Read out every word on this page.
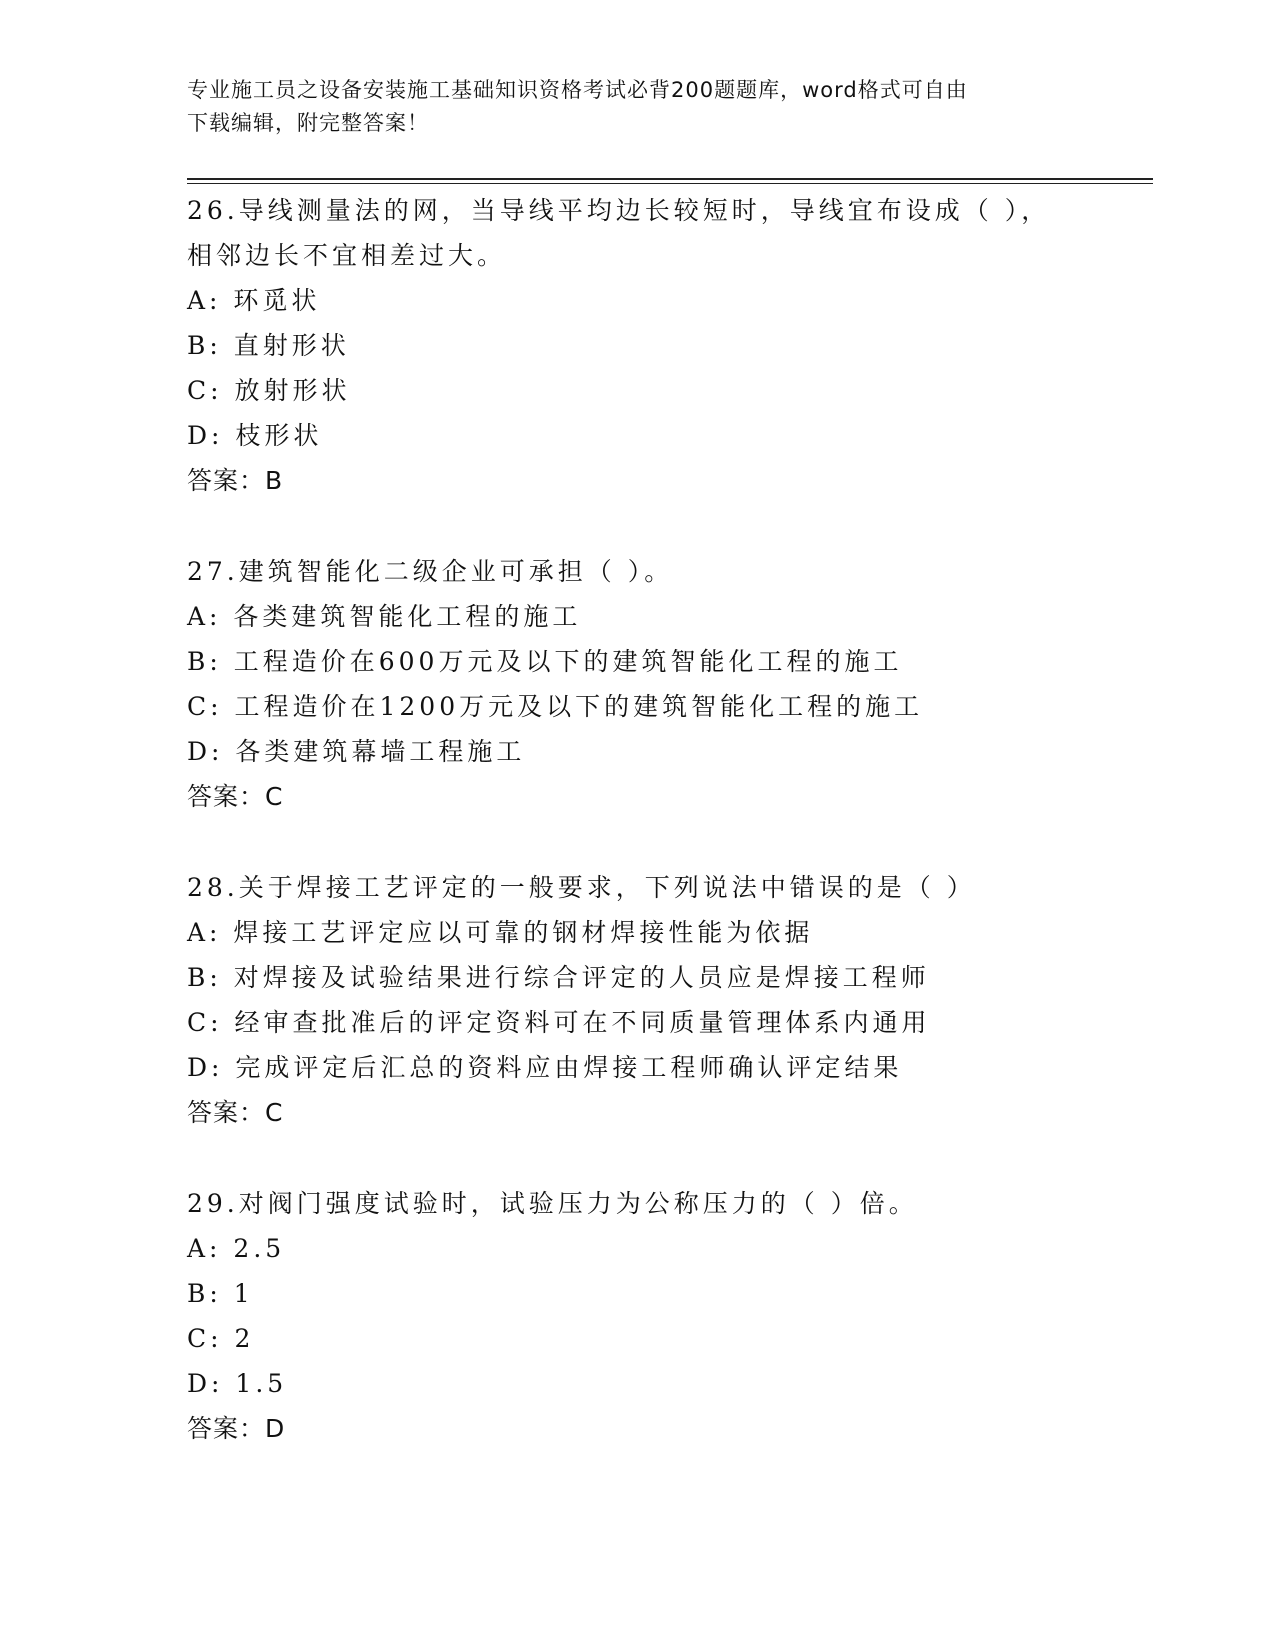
专业施工员之设备安装施工基础知识资格考试必背200题题库，word格式可自由
下载编辑，附完整答案！
26.导线测量法的网，当导线平均边长较短时，导线宜布设成（ ），
相邻边长不宜相差过大。
A: 环觅状
B: 直射形状
C: 放射形状
D: 枝形状
答案：B
27.建筑智能化二级企业可承担（ ）。
A: 各类建筑智能化工程的施工
B: 工程造价在600万元及以下的建筑智能化工程的施工
C: 工程造价在1200万元及以下的建筑智能化工程的施工
D: 各类建筑幕墙工程施工
答案：C
28.关于焊接工艺评定的一般要求，下列说法中错误的是（ ）
A: 焊接工艺评定应以可靠的钢材焊接性能为依据
B: 对焊接及试验结果进行综合评定的人员应是焊接工程师
C: 经审查批准后的评定资料可在不同质量管理体系内通用
D: 完成评定后汇总的资料应由焊接工程师确认评定结果
答案：C
29.对阀门强度试验时，试验压力为公称压力的（ ）倍。
A: 2.5
B: 1
C: 2
D: 1.5
答案：D
